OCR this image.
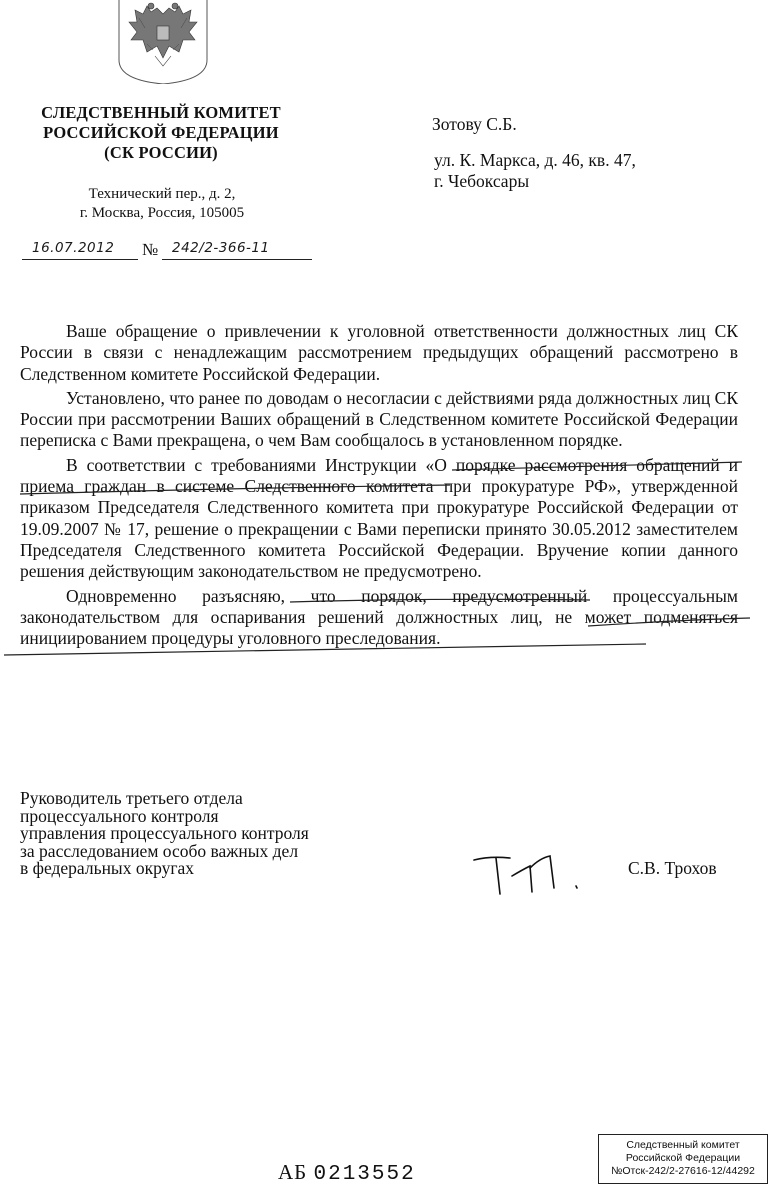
СЛЕДСТВЕННЫЙ КОМИТЕТ
РОССИЙСКОЙ ФЕДЕРАЦИИ
(СК РОССИИ)
Технический пер., д. 2,
г. Москва, Россия, 105005
16.07.2012 № 242/2-366-11
Зотову С.Б.
ул. К. Маркса, д. 46, кв. 47,
г. Чебоксары

Ваше обращение о привлечении к уголовной ответственности должностных лиц СК России в связи с ненадлежащим рассмотрением предыдущих обращений рассмотрено в Следственном комитете Российской Федерации.

Установлено, что ранее по доводам о несогласии с действиями ряда должностных лиц СК России при рассмотрении Ваших обращений в Следственном комитете Российской Федерации переписка с Вами прекращена, о чем Вам сообщалось в установленном порядке.

В соответствии с требованиями Инструкции «О порядке рассмотрения обращений и приема граждан в системе Следственного комитета при прокуратуре РФ», утвержденной приказом Председателя Следственного комитета при прокуратуре Российской Федерации от 19.09.2007 № 17, решение о прекращении с Вами переписки принято 30.05.2012 заместителем Председателя Следственного комитета Российской Федерации. Вручение копии данного решения действующим законодательством не предусмотрено.

Одновременно разъясняю, что порядок, предусмотренный процессуальным законодательством для оспаривания решений должностных лиц, не может подменяться инициированием процедуры уголовного преследования.

Руководитель третьего отдела
процессуального контроля
управления процессуального контроля
за расследованием особо важных дел
в федеральных округах	С.В. Трохов
АБ 0213552
Следственный комитет
Российской Федерации
№Отск-242/2-27616-12/44292
